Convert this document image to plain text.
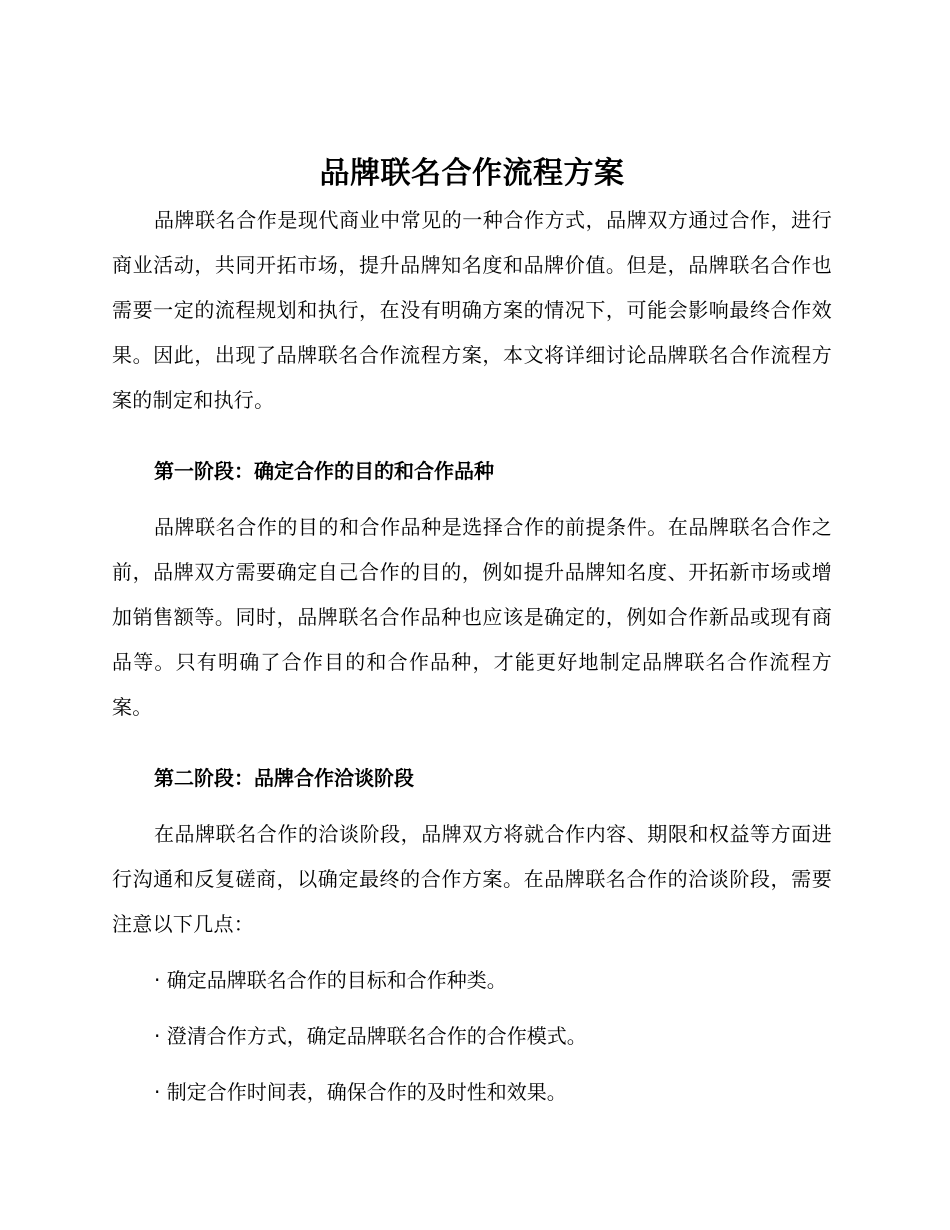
品牌联名合作流程方案

品牌联名合作是现代商业中常见的一种合作方式，品牌双方通过合作，进行商业活动，共同开拓市场，提升品牌知名度和品牌价值。但是，品牌联名合作也需要一定的流程规划和执行，在没有明确方案的情况下，可能会影响最终合作效果。因此，出现了品牌联名合作流程方案，本文将详细讨论品牌联名合作流程方案的制定和执行。

第一阶段：确定合作的目的和合作品种

品牌联名合作的目的和合作品种是选择合作的前提条件。在品牌联名合作之前，品牌双方需要确定自己合作的目的，例如提升品牌知名度、开拓新市场或增加销售额等。同时，品牌联名合作品种也应该是确定的，例如合作新品或现有商品等。只有明确了合作目的和合作品种，才能更好地制定品牌联名合作流程方案。

第二阶段：品牌合作洽谈阶段

在品牌联名合作的洽谈阶段，品牌双方将就合作内容、期限和权益等方面进行沟通和反复磋商，以确定最终的合作方案。在品牌联名合作的洽谈阶段，需要注意以下几点：

· 确定品牌联名合作的目标和合作种类。

· 澄清合作方式，确定品牌联名合作的合作模式。

· 制定合作时间表，确保合作的及时性和效果。
